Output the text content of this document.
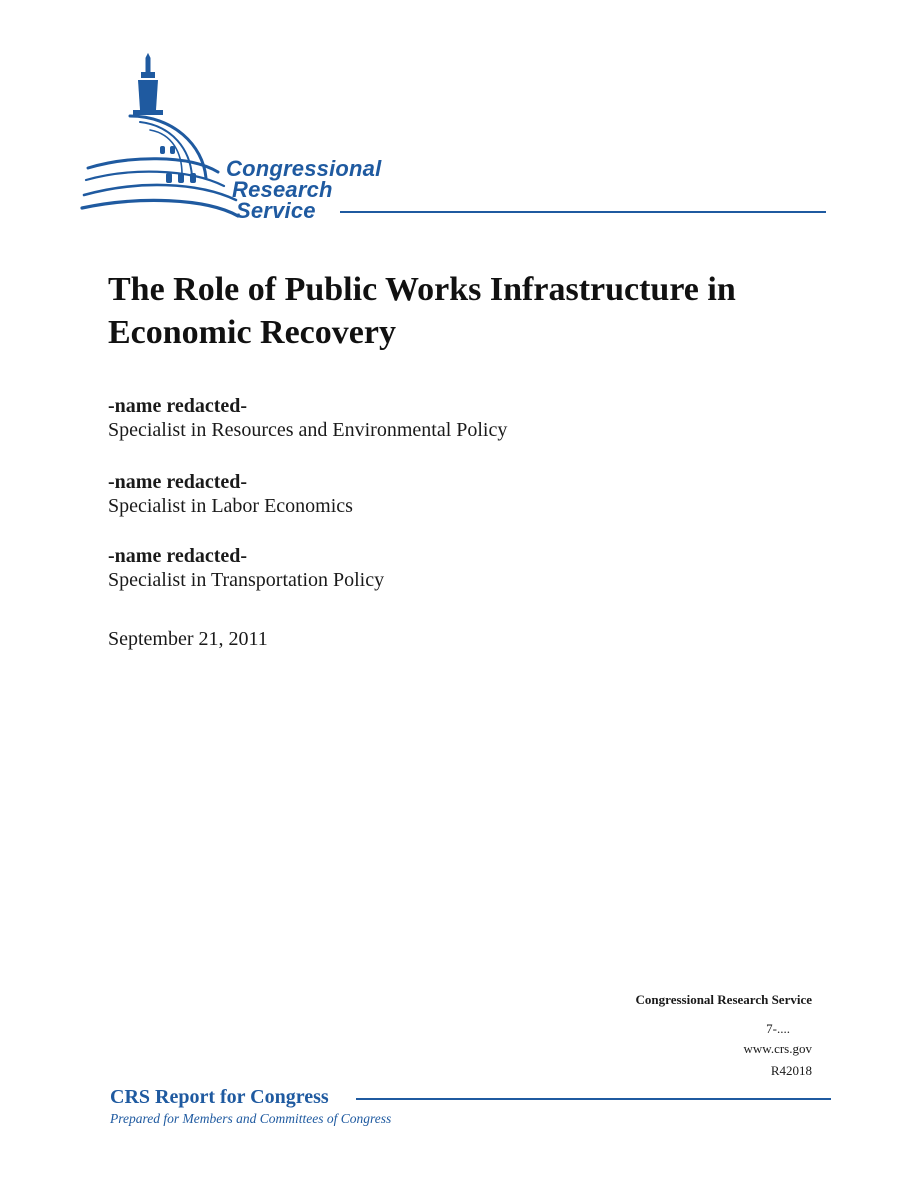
Congressional
Research
Service
The Role of Public Works Infrastructure in Economic Recovery
-name redacted-
Specialist in Resources and Environmental Policy
-name redacted-
Specialist in Labor Economics
-name redacted-
Specialist in Transportation Policy
September 21, 2011
Congressional Research Service
7-....
www.crs.gov
R42018
CRS Report for Congress
Prepared for Members and Committees of Congress
